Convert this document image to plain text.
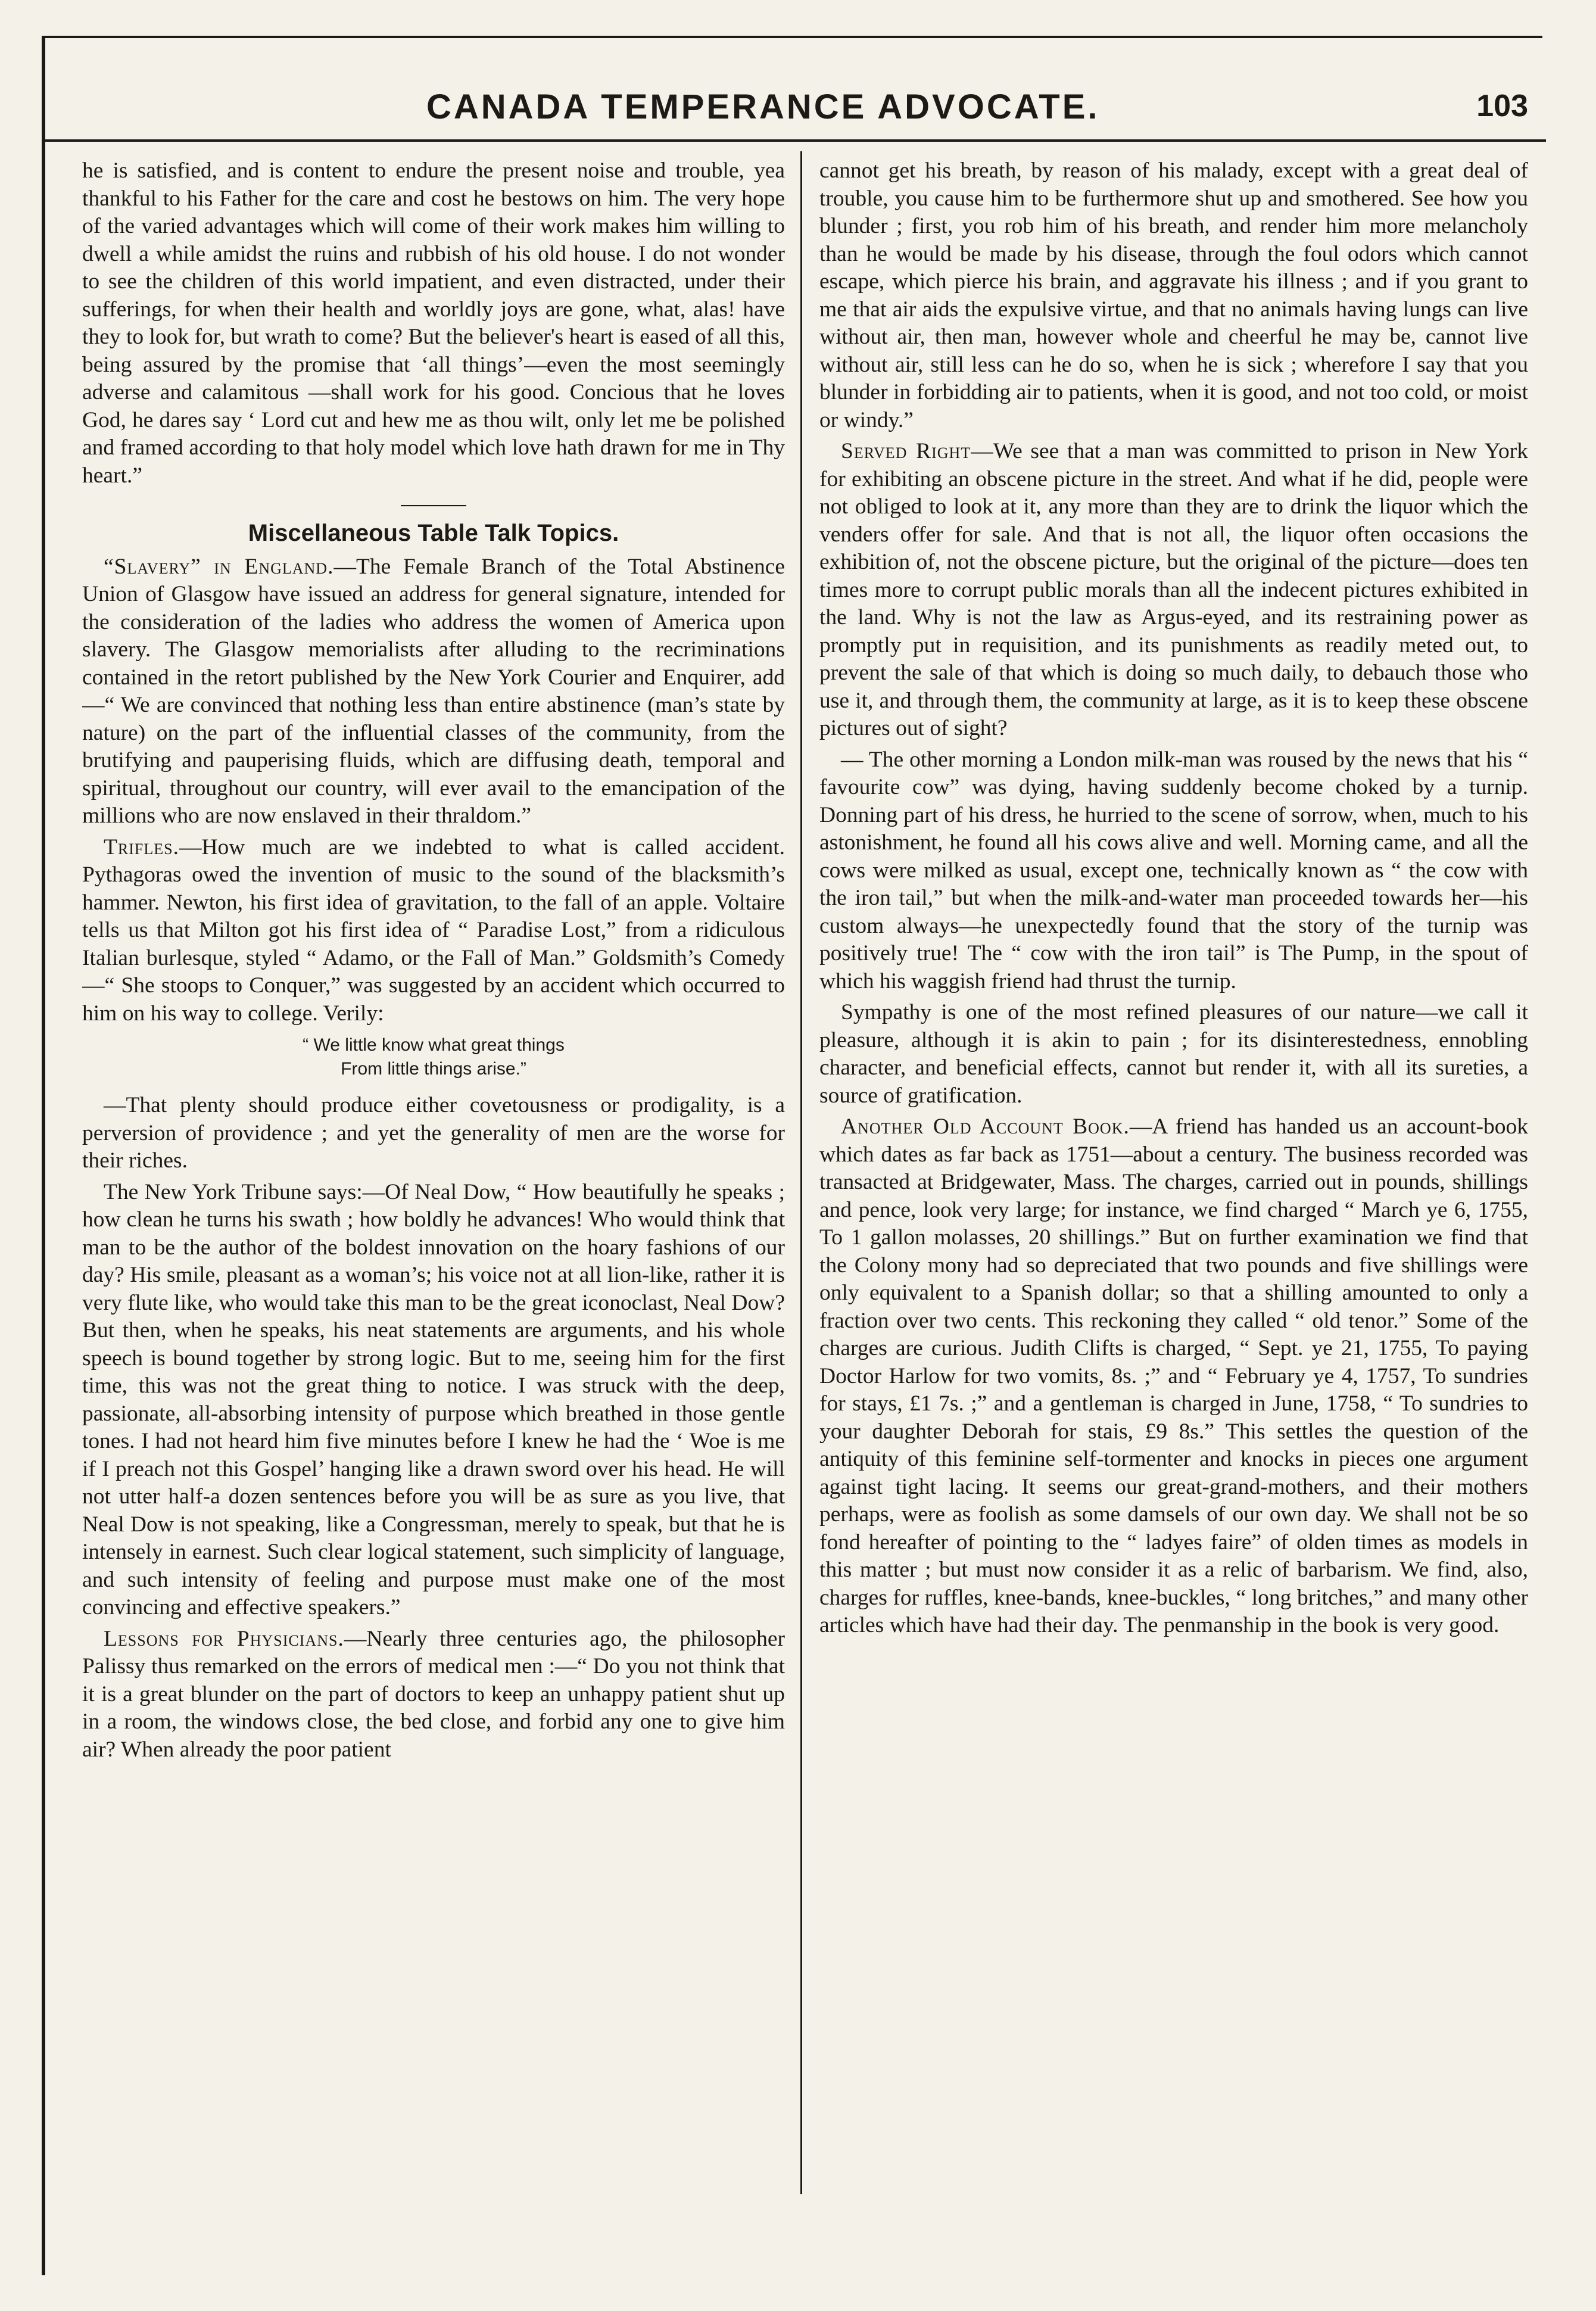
CANADA TEMPERANCE ADVOCATE.	103

he is satisfied, and is content to endure the present noise and trouble, yea thankful to his Father for the care and cost he bestows on him. The very hope of the varied advantages which will come of their work makes him willing to dwell a while amidst the ruins and rubbish of his old house. I do not wonder to see the children of this world impatient, and even distracted, under their sufferings, for when their health and worldly joys are gone, what, alas! have they to look for, but wrath to come? But the believer's heart is eased of all this, being assured by the promise that ‘all things’—even the most seemingly adverse and calamitous —shall work for his good. Concious that he loves God, he dares say ‘ Lord cut and hew me as thou wilt, only let me be polished and framed according to that holy model which love hath drawn for me in Thy heart.”

Miscellaneous Table Talk Topics.

“Slavery” in England.—The Female Branch of the Total Abstinence Union of Glasgow have issued an address for general signature, intended for the consideration of the ladies who address the women of America upon slavery. The Glasgow memorialists after alluding to the recriminations contained in the retort published by the New York Courier and Enquirer, add—“ We are convinced that nothing less than entire abstinence (man’s state by nature) on the part of the influential classes of the community, from the brutifying and pauperising fluids, which are diffusing death, temporal and spiritual, throughout our country, will ever avail to the emancipation of the millions who are now enslaved in their thraldom.”

Trifles.—How much are we indebted to what is called accident. Pythagoras owed the invention of music to the sound of the blacksmith’s hammer. Newton, his first idea of gravitation, to the fall of an apple. Voltaire tells us that Milton got his first idea of “ Paradise Lost,” from a ridiculous Italian burlesque, styled “ Adamo, or the Fall of Man.” Goldsmith’s Comedy—“ She stoops to Conquer,” was suggested by an accident which occurred to him on his way to college. Verily:

“ We little know what great things
From little things arise.”

—That plenty should produce either covetousness or prodigality, is a perversion of providence ; and yet the generality of men are the worse for their riches.

The New York Tribune says:—Of Neal Dow, “ How beautifully he speaks ; how clean he turns his swath ; how boldly he advances! Who would think that man to be the author of the boldest innovation on the hoary fashions of our day? His smile, pleasant as a woman’s; his voice not at all lion-like, rather it is very flute like, who would take this man to be the great iconoclast, Neal Dow? But then, when he speaks, his neat statements are arguments, and his whole speech is bound together by strong logic. But to me, seeing him for the first time, this was not the great thing to notice. I was struck with the deep, passionate, all-absorbing intensity of purpose which breathed in those gentle tones. I had not heard him five minutes before I knew he had the ‘ Woe is me if I preach not this Gospel’ hanging like a drawn sword over his head. He will not utter half-a dozen sentences before you will be as sure as you live, that Neal Dow is not speaking, like a Congressman, merely to speak, but that he is intensely in earnest. Such clear logical statement, such simplicity of language, and such intensity of feeling and purpose must make one of the most convincing and effective speakers.”

Lessons for Physicians.—Nearly three centuries ago, the philosopher Palissy thus remarked on the errors of medical men :—“ Do you not think that it is a great blunder on the part of doctors to keep an unhappy patient shut up in a room, the windows close, the bed close, and forbid any one to give him air? When already the poor patient

cannot get his breath, by reason of his malady, except with a great deal of trouble, you cause him to be furthermore shut up and smothered. See how you blunder ; first, you rob him of his breath, and render him more melancholy than he would be made by his disease, through the foul odors which cannot escape, which pierce his brain, and aggravate his illness ; and if you grant to me that air aids the expulsive virtue, and that no animals having lungs can live without air, then man, however whole and cheerful he may be, cannot live without air, still less can he do so, when he is sick ; wherefore I say that you blunder in forbidding air to patients, when it is good, and not too cold, or moist or windy.”

Served Right—We see that a man was committed to prison in New York for exhibiting an obscene picture in the street. And what if he did, people were not obliged to look at it, any more than they are to drink the liquor which the venders offer for sale. And that is not all, the liquor often occasions the exhibition of, not the obscene picture, but the original of the picture—does ten times more to corrupt public morals than all the indecent pictures exhibited in the land. Why is not the law as Argus-eyed, and its restraining power as promptly put in requisition, and its punishments as readily meted out, to prevent the sale of that which is doing so much daily, to debauch those who use it, and through them, the community at large, as it is to keep these obscene pictures out of sight?

— The other morning a London milk-man was roused by the news that his “ favourite cow” was dying, having suddenly become choked by a turnip. Donning part of his dress, he hurried to the scene of sorrow, when, much to his astonishment, he found all his cows alive and well. Morning came, and all the cows were milked as usual, except one, technically known as “ the cow with the iron tail,” but when the milk-and-water man proceeded towards her—his custom always—he unexpectedly found that the story of the turnip was positively true! The “ cow with the iron tail” is The Pump, in the spout of which his waggish friend had thrust the turnip.

Sympathy is one of the most refined pleasures of our nature—we call it pleasure, although it is akin to pain ; for its disinterestedness, ennobling character, and beneficial effects, cannot but render it, with all its sureties, a source of gratification.

Another Old Account Book.—A friend has handed us an account-book which dates as far back as 1751—about a century. The business recorded was transacted at Bridgewater, Mass. The charges, carried out in pounds, shillings and pence, look very large; for instance, we find charged “ March ye 6, 1755, To 1 gallon molasses, 20 shillings.” But on further examination we find that the Colony mony had so depreciated that two pounds and five shillings were only equivalent to a Spanish dollar; so that a shilling amounted to only a fraction over two cents. This reckoning they called “ old tenor.” Some of the charges are curious. Judith Clifts is charged, “ Sept. ye 21, 1755, To paying Doctor Harlow for two vomits, 8s. ;” and “ February ye 4, 1757, To sundries for stays, £1 7s. ;” and a gentleman is charged in June, 1758, “ To sundries to your daughter Deborah for stais, £9 8s.” This settles the question of the antiquity of this feminine self-tormenter and knocks in pieces one argument against tight lacing. It seems our great-grand-mothers, and their mothers perhaps, were as foolish as some damsels of our own day. We shall not be so fond hereafter of pointing to the “ ladyes faire” of olden times as models in this matter ; but must now consider it as a relic of barbarism. We find, also, charges for ruffles, knee-bands, knee-buckles, “ long britches,” and many other articles which have had their day. The penmanship in the book is very good.
